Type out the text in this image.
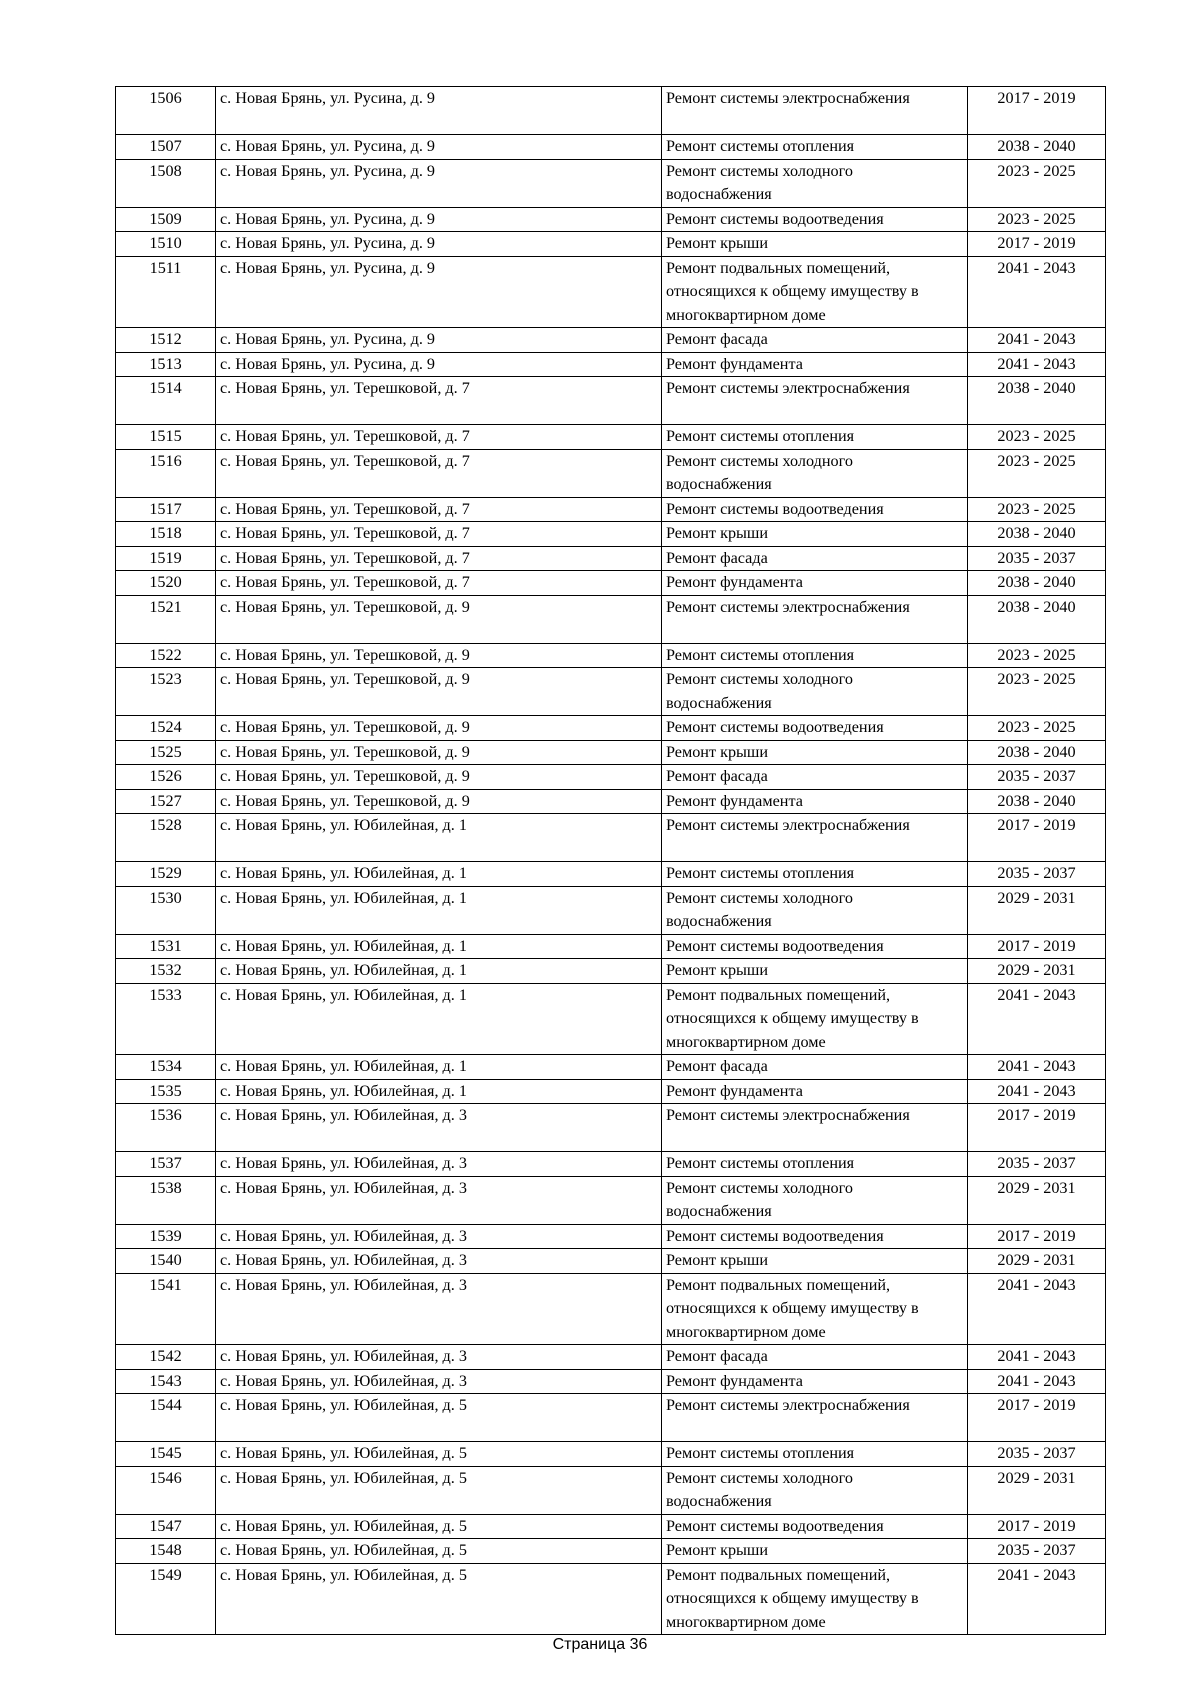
1506	с. Новая Брянь, ул. Русина, д. 9	Ремонт системы электроснабжения	2017 - 2019
1507	с. Новая Брянь, ул. Русина, д. 9	Ремонт системы отопления	2038 - 2040
1508	с. Новая Брянь, ул. Русина, д. 9	Ремонт системы холодного
водоснабжения	2023 - 2025
1509	с. Новая Брянь, ул. Русина, д. 9	Ремонт системы водоотведения	2023 - 2025
1510	с. Новая Брянь, ул. Русина, д. 9	Ремонт крыши	2017 - 2019
1511	с. Новая Брянь, ул. Русина, д. 9	Ремонт подвальных помещений,
относящихся к общему имуществу в
многоквартирном доме	2041 - 2043
1512	с. Новая Брянь, ул. Русина, д. 9	Ремонт фасада	2041 - 2043
1513	с. Новая Брянь, ул. Русина, д. 9	Ремонт фундамента	2041 - 2043
1514	с. Новая Брянь, ул. Терешковой, д. 7	Ремонт системы электроснабжения	2038 - 2040
1515	с. Новая Брянь, ул. Терешковой, д. 7	Ремонт системы отопления	2023 - 2025
1516	с. Новая Брянь, ул. Терешковой, д. 7	Ремонт системы холодного
водоснабжения	2023 - 2025
1517	с. Новая Брянь, ул. Терешковой, д. 7	Ремонт системы водоотведения	2023 - 2025
1518	с. Новая Брянь, ул. Терешковой, д. 7	Ремонт крыши	2038 - 2040
1519	с. Новая Брянь, ул. Терешковой, д. 7	Ремонт фасада	2035 - 2037
1520	с. Новая Брянь, ул. Терешковой, д. 7	Ремонт фундамента	2038 - 2040
1521	с. Новая Брянь, ул. Терешковой, д. 9	Ремонт системы электроснабжения	2038 - 2040
1522	с. Новая Брянь, ул. Терешковой, д. 9	Ремонт системы отопления	2023 - 2025
1523	с. Новая Брянь, ул. Терешковой, д. 9	Ремонт системы холодного
водоснабжения	2023 - 2025
1524	с. Новая Брянь, ул. Терешковой, д. 9	Ремонт системы водоотведения	2023 - 2025
1525	с. Новая Брянь, ул. Терешковой, д. 9	Ремонт крыши	2038 - 2040
1526	с. Новая Брянь, ул. Терешковой, д. 9	Ремонт фасада	2035 - 2037
1527	с. Новая Брянь, ул. Терешковой, д. 9	Ремонт фундамента	2038 - 2040
1528	с. Новая Брянь, ул. Юбилейная, д. 1	Ремонт системы электроснабжения	2017 - 2019
1529	с. Новая Брянь, ул. Юбилейная, д. 1	Ремонт системы отопления	2035 - 2037
1530	с. Новая Брянь, ул. Юбилейная, д. 1	Ремонт системы холодного
водоснабжения	2029 - 2031
1531	с. Новая Брянь, ул. Юбилейная, д. 1	Ремонт системы водоотведения	2017 - 2019
1532	с. Новая Брянь, ул. Юбилейная, д. 1	Ремонт крыши	2029 - 2031
1533	с. Новая Брянь, ул. Юбилейная, д. 1	Ремонт подвальных помещений,
относящихся к общему имуществу в
многоквартирном доме	2041 - 2043
1534	с. Новая Брянь, ул. Юбилейная, д. 1	Ремонт фасада	2041 - 2043
1535	с. Новая Брянь, ул. Юбилейная, д. 1	Ремонт фундамента	2041 - 2043
1536	с. Новая Брянь, ул. Юбилейная, д. 3	Ремонт системы электроснабжения	2017 - 2019
1537	с. Новая Брянь, ул. Юбилейная, д. 3	Ремонт системы отопления	2035 - 2037
1538	с. Новая Брянь, ул. Юбилейная, д. 3	Ремонт системы холодного
водоснабжения	2029 - 2031
1539	с. Новая Брянь, ул. Юбилейная, д. 3	Ремонт системы водоотведения	2017 - 2019
1540	с. Новая Брянь, ул. Юбилейная, д. 3	Ремонт крыши	2029 - 2031
1541	с. Новая Брянь, ул. Юбилейная, д. 3	Ремонт подвальных помещений,
относящихся к общему имуществу в
многоквартирном доме	2041 - 2043
1542	с. Новая Брянь, ул. Юбилейная, д. 3	Ремонт фасада	2041 - 2043
1543	с. Новая Брянь, ул. Юбилейная, д. 3	Ремонт фундамента	2041 - 2043
1544	с. Новая Брянь, ул. Юбилейная, д. 5	Ремонт системы электроснабжения	2017 - 2019
1545	с. Новая Брянь, ул. Юбилейная, д. 5	Ремонт системы отопления	2035 - 2037
1546	с. Новая Брянь, ул. Юбилейная, д. 5	Ремонт системы холодного
водоснабжения	2029 - 2031
1547	с. Новая Брянь, ул. Юбилейная, д. 5	Ремонт системы водоотведения	2017 - 2019
1548	с. Новая Брянь, ул. Юбилейная, д. 5	Ремонт крыши	2035 - 2037
1549	с. Новая Брянь, ул. Юбилейная, д. 5	Ремонт подвальных помещений,
относящихся к общему имуществу в
многоквартирном доме	2041 - 2043
Страница 36
